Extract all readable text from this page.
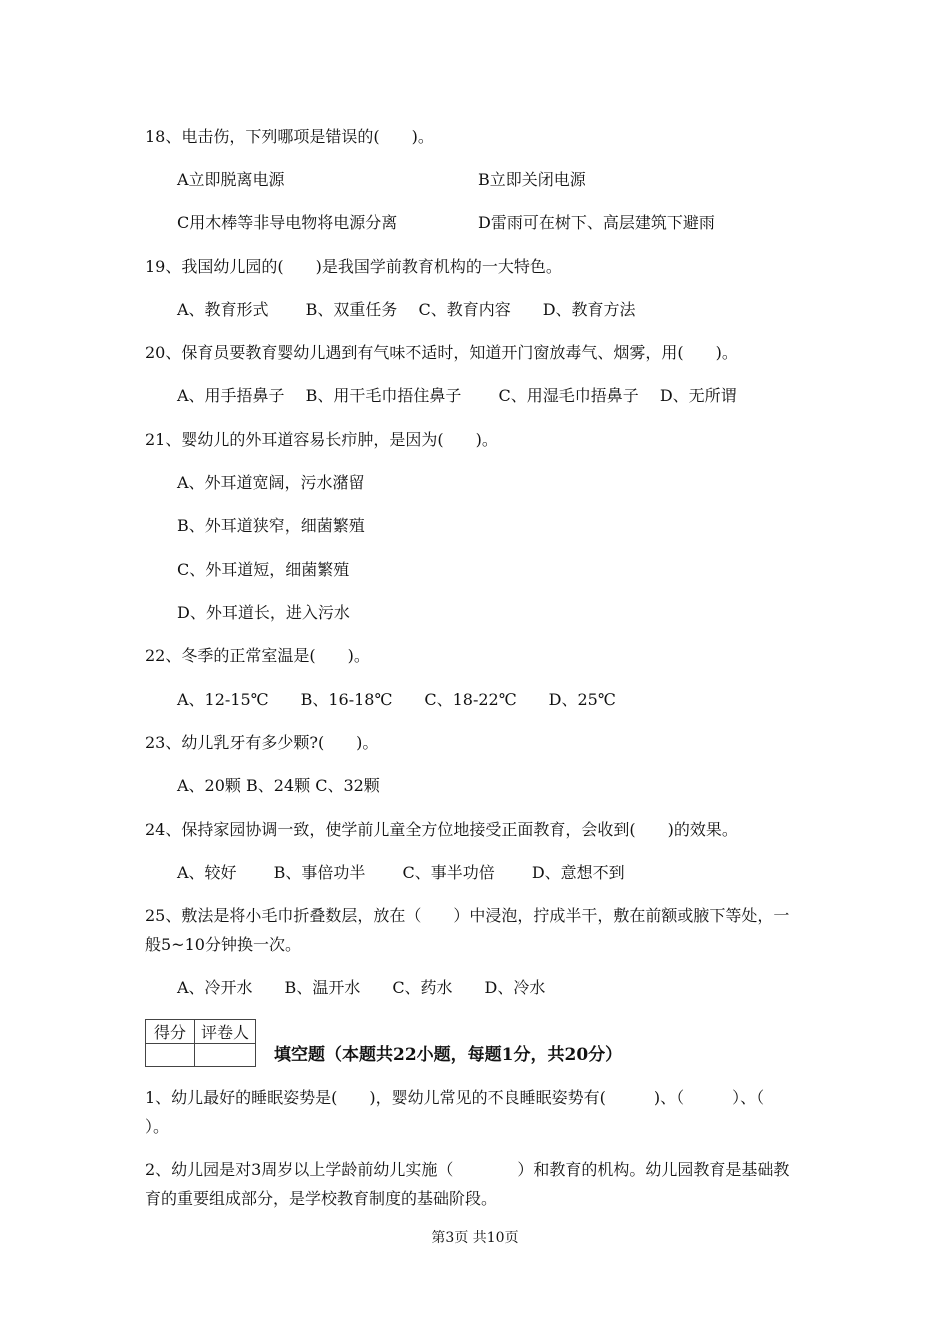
18、电击伤，下列哪项是错误的(　　)。
A立即脱离电源	B立即关闭电源
C用木棒等非导电物将电源分离	D雷雨可在树下、高层建筑下避雨
19、我国幼儿园的(　　)是我国学前教育机构的一大特色。
A、教育形式　　 B、双重任务　 C、教育内容　　D、教育方法
20、保育员要教育婴幼儿遇到有气味不适时，知道开门窗放毒气、烟雾，用(　　)。
A、用手捂鼻子　 B、用干毛巾捂住鼻子　　 C、用湿毛巾捂鼻子　 D、无所谓
21、婴幼儿的外耳道容易长疖肿，是因为(　　)。
A、外耳道宽阔，污水潴留
B、外耳道狭窄，细菌繁殖
C、外耳道短，细菌繁殖
D、外耳道长，进入污水
22、冬季的正常室温是(　　)。
A、12-15℃　　B、16-18℃　　C、18-22℃　　D、25℃
23、幼儿乳牙有多少颗?(　　)。
A、20颗 B、24颗 C、32颗
24、保持家园协调一致，使学前儿童全方位地接受正面教育，会收到(　　)的效果。
A、较好　　 B、事倍功半　　 C、事半功倍　　 D、意想不到
25、敷法是将小毛巾折叠数层，放在（　　）中浸泡，拧成半干，敷在前额或腋下等处，一
般5~10分钟换一次。
A、冷开水　　B、温开水　　C、药水　　D、冷水
得分	评卷人

填空题（本题共22小题，每题1分，共20分）
1、幼儿最好的睡眠姿势是(　　)，婴幼儿常见的不良睡眠姿势有(　　　)、（　　　）、（
）。
2、幼儿园是对3周岁以上学龄前幼儿实施（　　　　）和教育的机构。幼儿园教育是基础教
育的重要组成部分，是学校教育制度的基础阶段。
第3页 共10页
